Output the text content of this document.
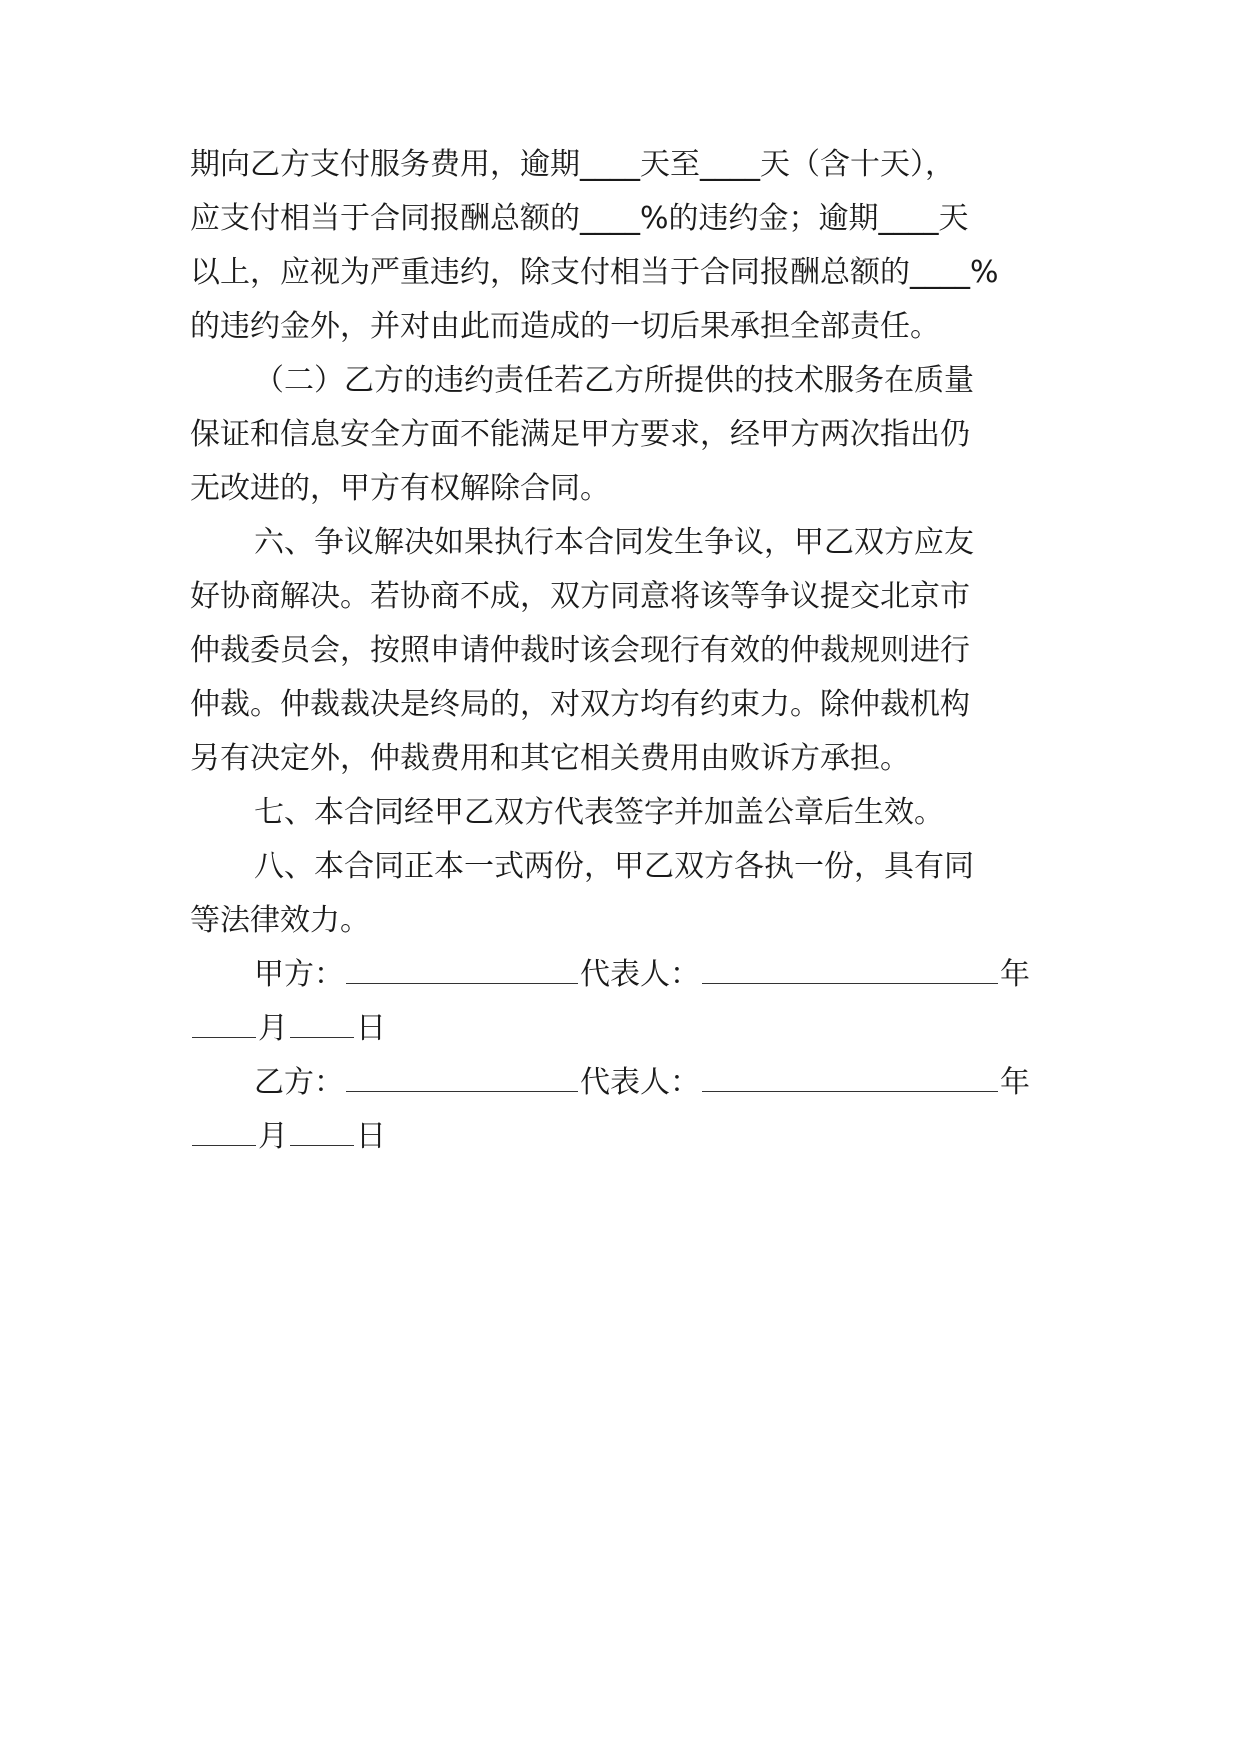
期向乙方支付服务费用，逾期____天至____天（含十天），
应支付相当于合同报酬总额的____%的违约金；逾期____天
以上，应视为严重违约，除支付相当于合同报酬总额的____%
的违约金外，并对由此而造成的一切后果承担全部责任。
（二）乙方的违约责任若乙方所提供的技术服务在质量
保证和信息安全方面不能满足甲方要求，经甲方两次指出仍
无改进的，甲方有权解除合同。
六、争议解决如果执行本合同发生争议，甲乙双方应友
好协商解决。若协商不成，双方同意将该等争议提交北京市
仲裁委员会，按照申请仲裁时该会现行有效的仲裁规则进行
仲裁。仲裁裁决是终局的，对双方均有约束力。除仲裁机构
另有决定外，仲裁费用和其它相关费用由败诉方承担。
七、本合同经甲乙双方代表签字并加盖公章后生效。
八、本合同正本一式两份，甲乙双方各执一份，具有同
等法律效力。
甲方：	代表人：	年
月 日
乙方：	代表人：	年
月 日
